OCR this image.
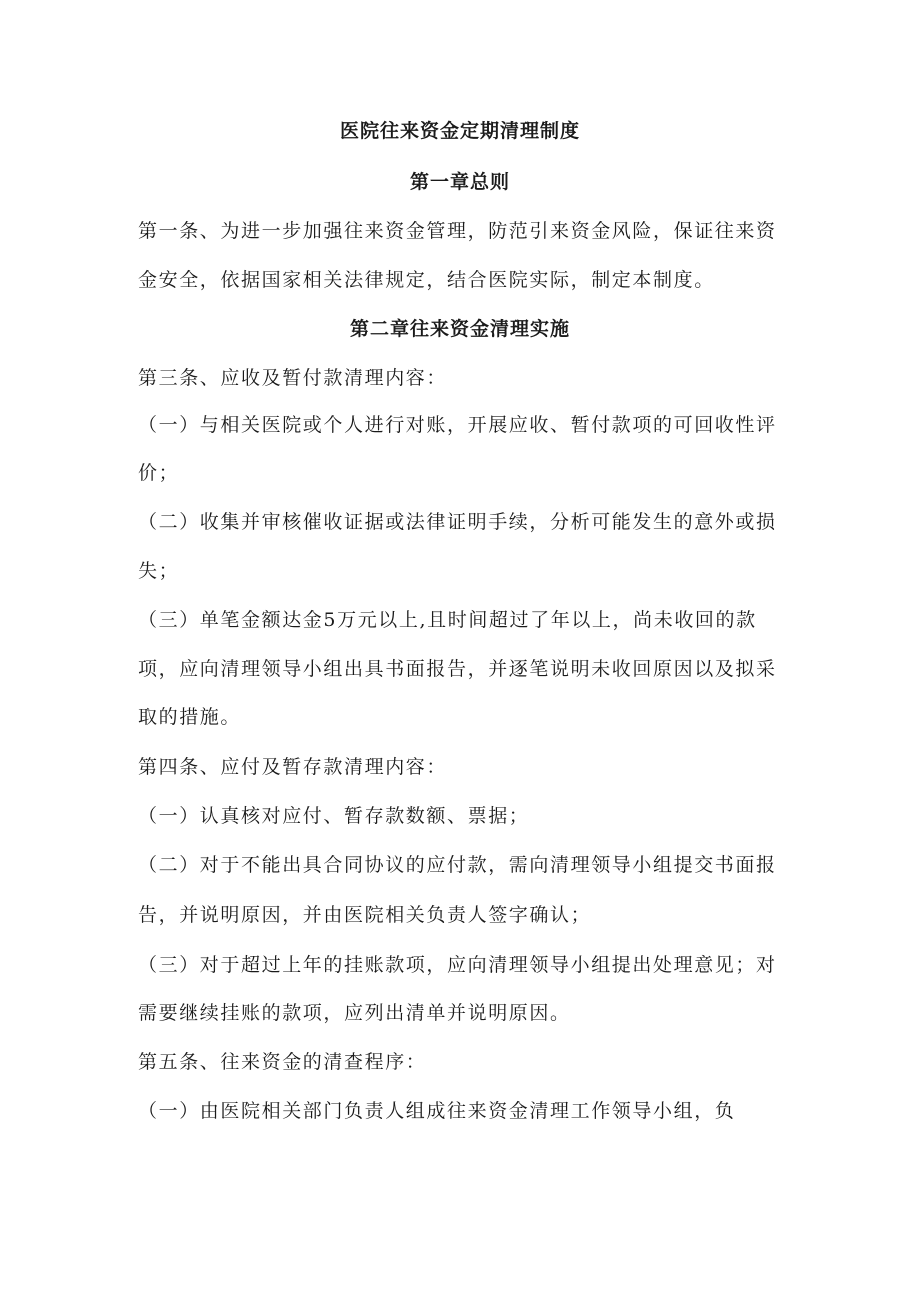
医院往来资金定期清理制度
第一章总则
第一条、为进一步加强往来资金管理，防范引来资金风险，保证往来资
金安全，依据国家相关法律规定，结合医院实际，制定本制度。
第二章往来资金清理实施
第三条、应收及暂付款清理内容：
（一）与相关医院或个人进行对账，开展应收、暂付款项的可回收性评
价；
（二）收集并审核催收证据或法律证明手续，分析可能发生的意外或损
失；
（三）单笔金额达金5万元以上,且时间超过了年以上，尚未收回的款
项，应向清理领导小组出具书面报告，并逐笔说明未收回原因以及拟采
取的措施。
第四条、应付及暂存款清理内容：
（一）认真核对应付、暂存款数额、票据；
（二）对于不能出具合同协议的应付款，需向清理领导小组提交书面报
告，并说明原因，并由医院相关负责人签字确认；
（三）对于超过上年的挂账款项，应向清理领导小组提出处理意见；对
需要继续挂账的款项，应列出清单并说明原因。
第五条、往来资金的清查程序：
（一）由医院相关部门负责人组成往来资金清理工作领导小组，负
